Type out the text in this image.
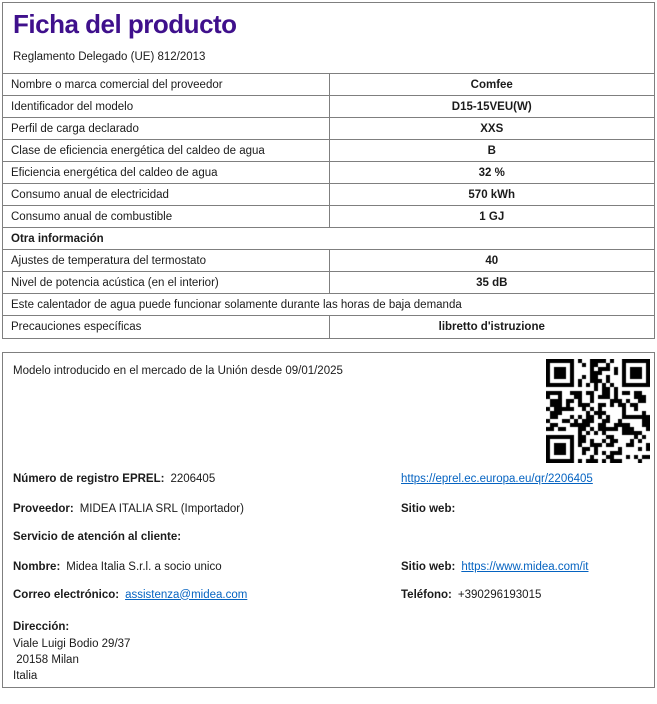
Ficha del producto
Reglamento Delegado (UE) 812/2013
Nombre o marca comercial del proveedor	Comfee
Identificador del modelo	D15-15VEU(W)
Perfil de carga declarado	XXS
Clase de eficiencia energética del caldeo de agua	B
Eficiencia energética del caldeo de agua	32 %
Consumo anual de electricidad	570 kWh
Consumo anual de combustible	1 GJ
Otra información	
Ajustes de temperatura del termostato	40
Nivel de potencia acústica (en el interior)	35 dB
Este calentador de agua puede funcionar solamente durante las horas de baja demanda	
Precauciones específicas	libretto d'istruzione
Modelo introducido en el mercado de la Unión desde 09/01/2025
Número de registro EPREL: 2206405	https://eprel.ec.europa.eu/qr/2206405
Proveedor: MIDEA ITALIA SRL (Importador)	Sitio web:
Servicio de atención al cliente:
Nombre: Midea Italia S.r.l. a socio unico	Sitio web: https://www.midea.com/it
Correo electrónico: assistenza@midea.com	Teléfono: +390296193015
Dirección:
Viale Luigi Bodio 29/37
20158 Milan
Italia
